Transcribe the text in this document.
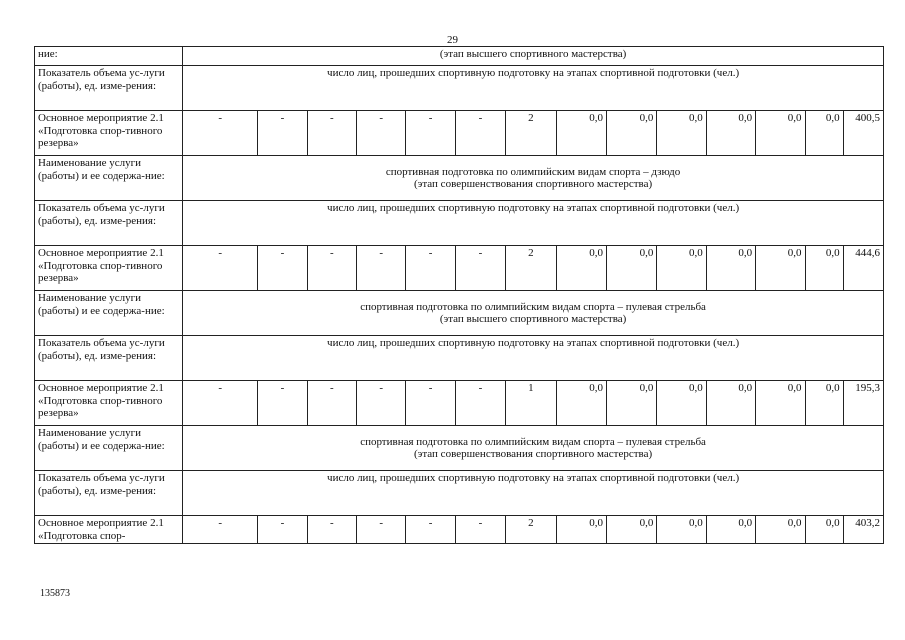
29
ние:	(этап высшего спортивного мастерства)													
Показатель объема ус-луги (работы), ед. изме-рения:	число лиц, прошедших спортивную подготовку на этапах спортивной подготовки (чел.)													
Основное мероприятие 2.1 «Подготовка спор-тивного резерва»	-	-	-	-	-	-	2	0,0	0,0	0,0	0,0	0,0	0,0	400,5
Наименование услуги (работы) и ее содержа-ние:	спортивная подготовка по олимпийским видам спорта – дзюдо
(этап совершенствования спортивного мастерства)													

Показатель объема ус-луги (работы), ед. изме-рения:	число лиц, прошедших спортивную подготовку на этапах спортивной подготовки (чел.)													
Основное мероприятие 2.1 «Подготовка спор-тивного резерва»	-	-	-	-	-	-	2	0,0	0,0	0,0	0,0	0,0	0,0	444,6
Наименование услуги (работы) и ее содержа-ние:	спортивная подготовка по олимпийским видам спорта – пулевая стрельба
(этап высшего спортивного мастерства)													

Показатель объема ус-луги (работы), ед. изме-рения:	число лиц, прошедших спортивную подготовку на этапах спортивной подготовки (чел.)													
Основное мероприятие 2.1 «Подготовка спор-тивного резерва»	-	-	-	-	-	-	1	0,0	0,0	0,0	0,0	0,0	0,0	195,3
Наименование услуги (работы) и ее содержа-ние:	спортивная подготовка по олимпийским видам спорта – пулевая стрельба
(этап совершенствования спортивного мастерства)													

Показатель объема ус-луги (работы), ед. изме-рения:	число лиц, прошедших спортивную подготовку на этапах спортивной подготовки (чел.)													
Основное мероприятие 2.1 «Подготовка спор-	-	-	-	-	-	-	2	0,0	0,0	0,0	0,0	0,0	0,0	403,2
135873
